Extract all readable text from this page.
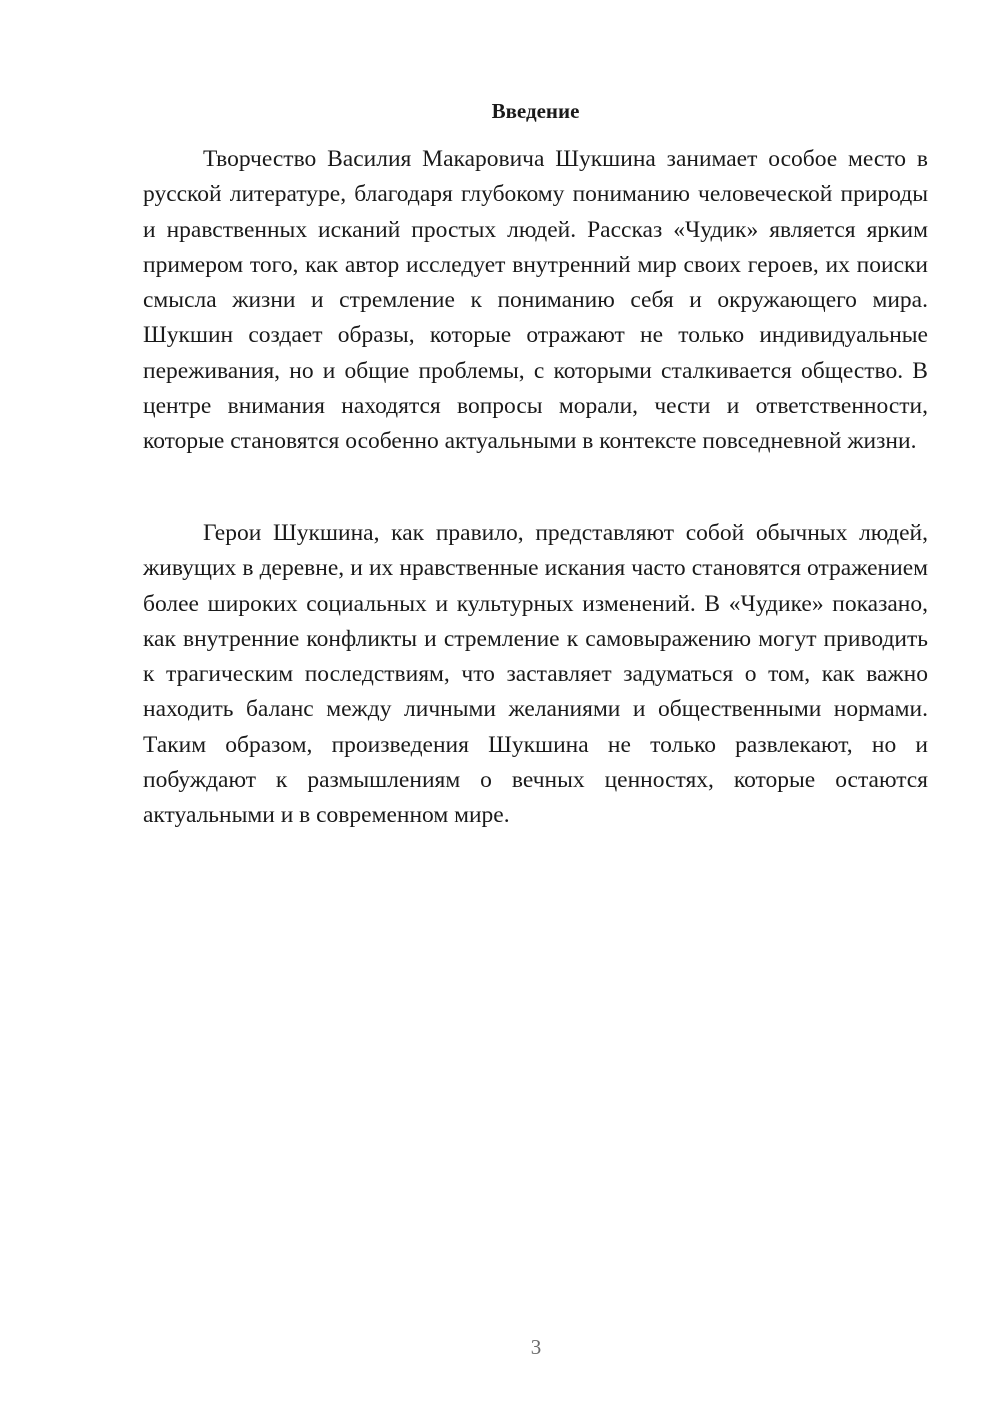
Введение

Творчество Василия Макаровича Шукшина занимает особое место в русской литературе, благодаря глубокому пониманию человеческой природы и нравственных исканий простых людей. Рассказ «Чудик» является ярким примером того, как автор исследует внутренний мир своих героев, их поиски смысла жизни и стремление к пониманию себя и окружающего мира. Шукшин создает образы, которые отражают не только индивидуальные переживания, но и общие проблемы, с которыми сталкивается общество. В центре внимания находятся вопросы морали, чести и ответственности, которые становятся особенно актуальными в контексте повседневной жизни.

Герои Шукшина, как правило, представляют собой обычных людей, живущих в деревне, и их нравственные искания часто становятся отражением более широких социальных и культурных изменений. В «Чудике» показано, как внутренние конфликты и стремление к самовыражению могут приводить к трагическим последствиям, что заставляет задуматься о том, как важно находить баланс между личными желаниями и общественными нормами. Таким образом, произведения Шукшина не только развлекают, но и побуждают к размышлениям о вечных ценностях, которые остаются актуальными и в современном мире.

3
